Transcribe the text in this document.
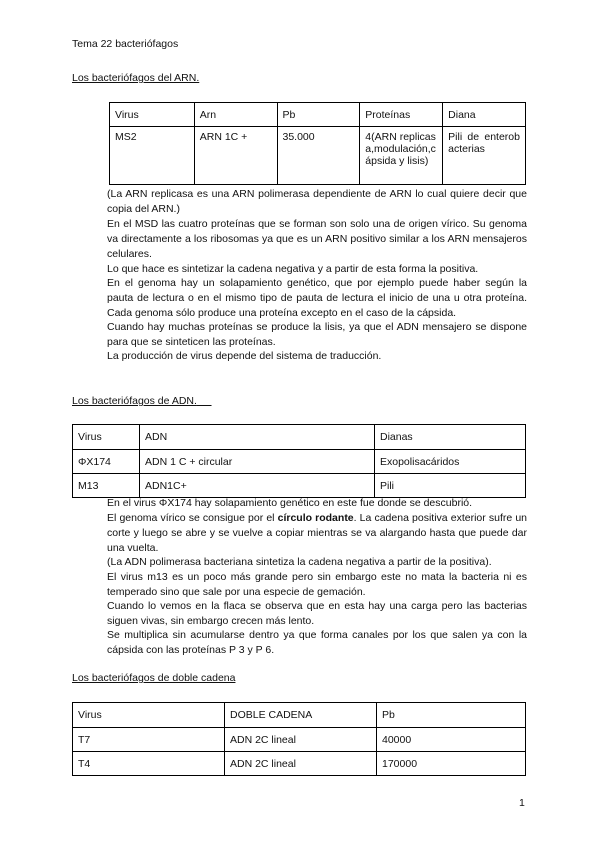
Tema 22 bacteriófagos
Los bacteriófagos del ARN.
Virus	Arn	Pb	Proteínas	Diana
MS2	ARN 1C +	35.000	4(ARN replicasa,modulación,cápsida y lisis)	Pili de enterobacterias
(La ARN replicasa es una ARN polimerasa dependiente de ARN lo cual quiere decir que copia del ARN.)
En el MSD las cuatro proteínas que se forman son solo una de origen vírico. Su genoma va directamente a los ribosomas ya que es un ARN positivo similar a los ARN mensajeros celulares.
Lo que hace es sintetizar la cadena negativa y a partir de esta forma la positiva.
En el genoma hay un solapamiento genético, que por ejemplo puede haber según la pauta de lectura o en el mismo tipo de pauta de lectura el inicio de una u otra proteína. Cada genoma sólo produce una proteína excepto en el caso de la cápsida.
Cuando hay muchas proteínas se produce la lisis, ya que el ADN mensajero se dispone para que se sinteticen las proteínas.
La producción de virus depende del sistema de traducción.
Los bacteriófagos de ADN.
Virus	ADN	Dianas
ΦX174	ADN 1 C + circular	Exopolisacáridos
M13	ADN1C+	Pili
En el virus ΦX174 hay solapamiento genético en este fue donde se descubrió.
El genoma vírico se consigue por el círculo rodante. La cadena positiva exterior sufre un corte y luego se abre y se vuelve a copiar mientras se va alargando hasta que puede dar una vuelta.
(La ADN polimerasa bacteriana sintetiza la cadena negativa a partir de la positiva).
El virus m13 es un poco más grande pero sin embargo este no mata la bacteria ni es temperado sino que sale por una especie de gemación.
Cuando lo vemos en la flaca se observa que en esta hay una carga pero las bacterias siguen vivas, sin embargo crecen más lento.
Se multiplica sin acumularse dentro ya que forma canales por los que salen ya con la cápsida con las proteínas P 3 y P 6.
Los bacteriófagos de doble cadena
Virus	DOBLE CADENA	Pb
T7	ADN 2C lineal	40000
T4	ADN 2C lineal	170000
1
